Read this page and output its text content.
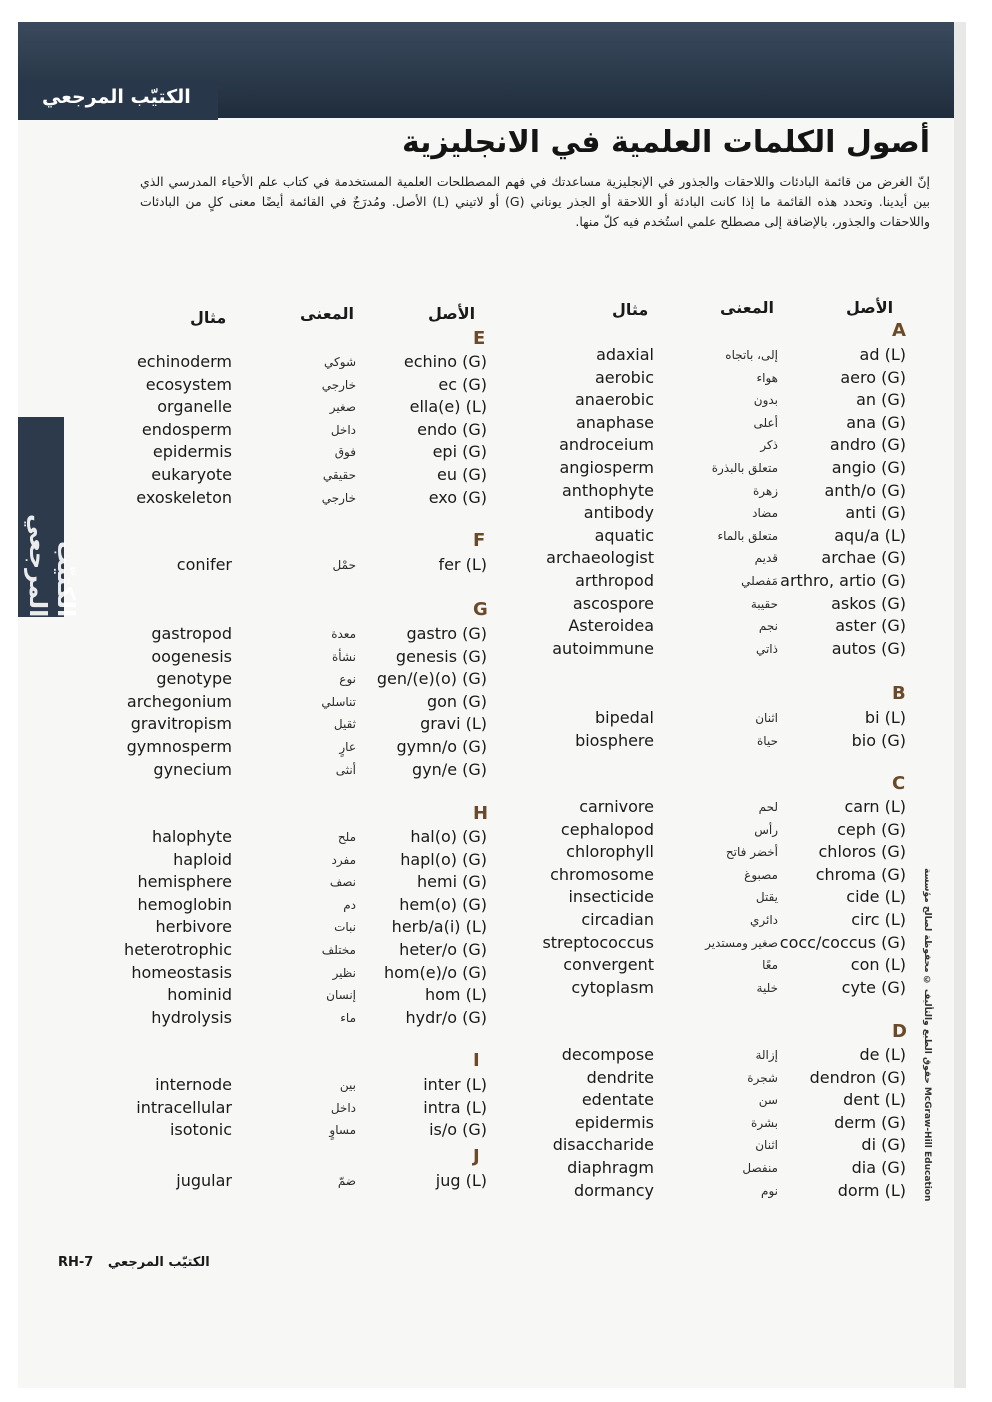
الكتيّب المرجعي
الكتيّب المرجعي
حقوق الطبع والتأليف © محفوظة لصالح مؤسسة McGraw-Hill Education
أصول الكلمات العلمية في الانجليزية

إنّ الغرض من قائمة البادئات واللاحقات والجذور في الإنجليزية مساعدتك في فهم المصطلحات العلمية المستخدمة في كتاب علم الأحياء المدرسي الذي بين أيدينا. وتحدد هذه القائمة ما إذا كانت البادئة أو اللاحقة أو الجذر يوناني (G) أو لاتيني (L) الأصل. ومُدرَجٌ في القائمة أيضًا معنى كلٍ من البادئات واللاحقات والجذور، بالإضافة إلى مصطلح علمي استُخدم فيه كلّ منها.

الأصل
المعنى
مثال
الأصل
المعنى
مثال
A
ad (L)
إلى، باتجاه
adaxial
aero (G)
هواء
aerobic
an (G)
بدون
anaerobic
ana (G)
أعلى
anaphase
andro (G)
ذكر
androceium
angio (G)
متعلق بالبذرة
angiosperm
anth/o (G)
زهرة
anthophyte
anti (G)
مضاد
antibody
aqu/a (L)
متعلق بالماء
aquatic
archae (G)
قديم
archaeologist
arthro, artio (G)
مَفصلي
arthropod
askos (G)
حقيبة
ascospore
aster (G)
نجم
Asteroidea
autos (G)
ذاتي
autoimmune
B
bi (L)
اثنان
bipedal
bio (G)
حياة
biosphere
C
carn (L)
لحم
carnivore
ceph (G)
رأس
cephalopod
chloros (G)
أخضر فاتح
chlorophyll
chroma (G)
مصبوغ
chromosome
cide (L)
يقتل
insecticide
circ (L)
دائري
circadian
cocc/coccus (G)
صغير ومستدير
streptococcus
con (L)
معًا
convergent
cyte (G)
خلية
cytoplasm
D
de (L)
إزالة
decompose
dendron (G)
شجرة
dendrite
dent (L)
سن
edentate
derm (G)
بشرة
epidermis
di (G)
اثنان
disaccharide
dia (G)
منفصل
diaphragm
dorm (L)
نوم
dormancy
E
echino (G)
شوكي
echinoderm
ec (G)
خارجي
ecosystem
ella(e) (L)
صغير
organelle
endo (G)
داخل
endosperm
epi (G)
فوق
epidermis
eu (G)
حقيقي
eukaryote
exo (G)
خارجي
exoskeleton
F
fer (L)
حمْل
conifer
G
gastro (G)
معدة
gastropod
genesis (G)
نشأة
oogenesis
gen/(e)(o) (G)
نوع
genotype
gon (G)
تناسلي
archegonium
gravi (L)
ثقيل
gravitropism
gymn/o (G)
عارٍ
gymnosperm
gyn/e (G)
أنثى
gynecium
H
hal(o) (G)
ملح
halophyte
hapl(o) (G)
مفرد
haploid
hemi (G)
نصف
hemisphere
hem(o) (G)
دم
hemoglobin
herb/a(i) (L)
نبات
herbivore
heter/o (G)
مختلف
heterotrophic
hom(e)/o (G)
نظير
homeostasis
hom (L)
إنسان
hominid
hydr/o (G)
ماء
hydrolysis
I
inter (L)
بين
internode
intra (L)
داخل
intracellular
is/o (G)
مساوٍ
isotonic
J
jug (L)
ضمّ
jugular
RH-7 الكتيّب المرجعي
